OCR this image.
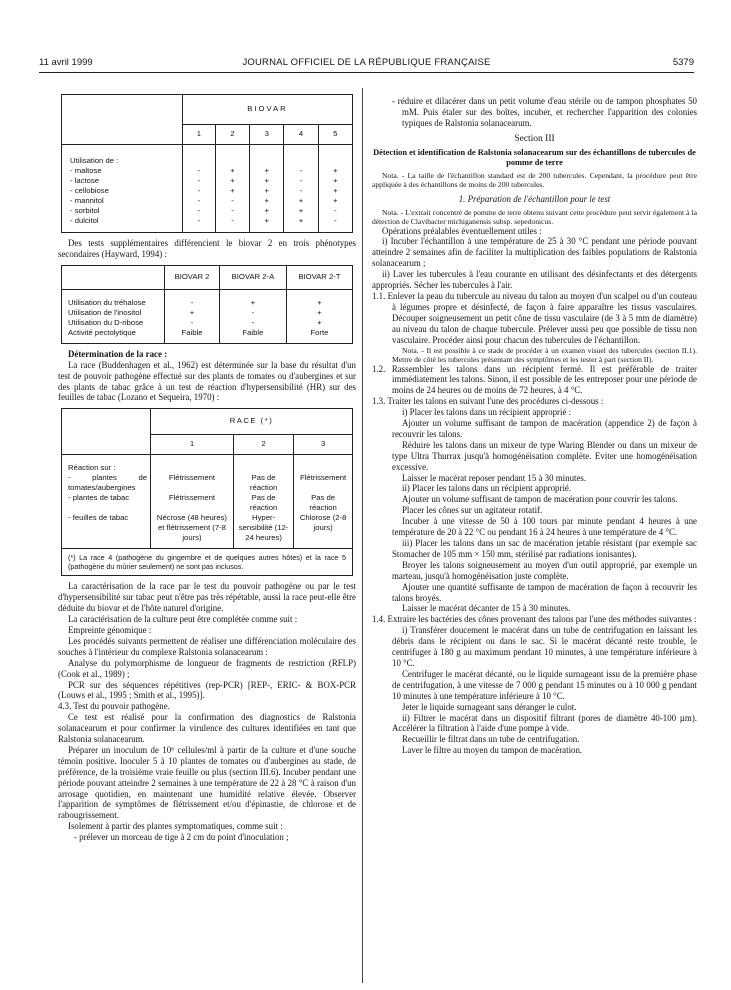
11 avril 1999	JOURNAL OFFICIEL DE LA RÉPUBLIQUE FRANÇAISE	5379
	BIOVAR				
	1	2	3	4	5

Utilisation de :					
- maltose	-	+	+	-	+
- lactose	-	+	+	-	+
- cellobiose	-	+	+	-	+
- mannitol	-	-	+	+	+
- sorbitol	-	-	+	+	-
- dulcitol	-	-	+	+	-

Des tests supplémentaires différencient le biovar 2 en trois phénotypes secondaires (Hayward, 1994) :

	BIOVAR 2	BIOVAR 2-A	BIOVAR 2-T

Utilisation du tréhalose	-	+	+
Utilisation de l'inositol	+	-	+
Utilisation du D-ribose	-	-	+
Activité pectolytique	Faible	Faible	Forte

Détermination de la race :

La race (Buddenhagen et al., 1962) est déterminée sur la base du résultat d'un test de pouvoir pathogène effectué sur des plants de tomates ou d'aubergines et sur des plants de tabac grâce à un test de réaction d'hypersensibilité (HR) sur des feuilles de tabac (Lozano et Sequeira, 1970) :

	RACE (*)		
	1	2	3

Réaction sur :			
- plantes de tomates/aubergines	Flétrissement	Pas de réaction	Flétrissement
- plantes de tabac	Flétrissement	Pas de réaction	Pas de réaction
- feuilles de tabac	Nécrose (48 heures) et flétrissement (7-8 jours)	Hyper-sensibilité (12-24 heures)	Chlorose (2-8 jours)

(*) La race 4 (pathogène du gingembre et de quelques autres hôtes) et la race 5 (pathogène du mûrier seulement) ne sont pas inclusos.			

La caractérisation de la race par le test du pouvoir pathogène ou par le test d'hypersensibilité sur tabac peut n'être pas très répétable, aussi la race peut-elle être déduite du biovar et de l'hôte naturel d'origine.

La caractérisation de la culture peut être complétée comme suit :

Empreinte génomique :

Les procédés suivants permettent de réaliser une différenciation moléculaire des souches à l'intérieur du complexe Ralstonia solanacearum :

Analyse du polymorphisme de longueur de fragments de restriction (RFLP) (Cook et al., 1989) ;

PCR sur des séquences répétitives (rep-PCR) [REP-, ERIC- & BOX-PCR (Louws et al., 1995 ; Smith et al., 1995)].

4.3. Test du pouvoir pathogène.

Ce test est réalisé pour la confirmation des diagnostics de Ralstonia solanacearum et pour confirmer la virulence des cultures identifiées en tant que Ralstonia solanacearum.

Préparer un inoculum de 10⁶ cellules/ml à partir de la culture et d'une souche témoin positive. Inoculer 5 à 10 plantes de tomates ou d'aubergines au stade, de préférence, de la troisième vraie feuille ou plus (section III.6). Incuber pendant une période pouvant atteindre 2 semaines à une température de 22 à 28 °C à raison d'un arrosage quotidien, en maintenant une humidité relative élevée. Observer l'apparition de symptômes de flétrissement et/ou d'épinastie, de chlorose et de rabougrissement.

Isolement à partir des plantes symptomatiques, comme suit :

- prélever un morceau de tige à 2 cm du point d'inoculation ;

- réduire et dilacérer dans un petit volume d'eau stérile ou de tampon phosphates 50 mM. Puis étaler sur des boîtes, incuber, et rechercher l'apparition des colonies typiques de Ralstonia solanacearum.

Section III

Détection et identification de Ralstonia solanacearum sur des échantillons de tubercules de pomme de terre

Nota. - La taille de l'échantillon standard est de 200 tubercules. Cependant, la procédure peut être appliquée à des échantillons de moins de 200 tubercules.

1. Préparation de l'échantillon pour le test

Nota. - L'extrait concentré de pomme de terre obtenu suivant cette procédure peut servir également à la détection de Clavibacter michiganensis subsp. sepedonicus.

Opérations préalables éventuellement utiles :

i) Incuber l'échantillon à une température de 25 à 30 °C pendant une période pouvant atteindre 2 semaines afin de faciliter la multiplication des faibles populations de Ralstonia solanacearum ;

ii) Laver les tubercules à l'eau courante en utilisant des désinfectants et des détergents appropriés. Sécher les tubercules à l'air.

1.1. Enlever la peau du tubercule au niveau du talon au moyen d'un scalpel ou d'un couteau à légumes propre et désinfecté, de façon à faire apparaître les tissus vasculaires. Découper soigneusement un petit cône de tissu vasculaire (de 3 à 5 mm de diamètre) au niveau du talon de chaque tubercule. Prélever aussi peu que possible de tissu non vasculaire. Procéder ainsi pour chacun des tubercules de l'échantillon.

Nota. - Il est possible à ce stade de procéder à un examen visuel des tubercules (section II.1). Mettre de côté les tubercules présentant des symptômes et les tester à part (section II).

1.2. Rassembler les talons dans un récipient fermé. Il est préférable de traiter immédiatement les talons. Sinon, il est possible de les entreposer pour une période de moins de 24 heures ou de moins de 72 heures, à 4 °C.

1.3. Traiter les talons en suivant l'une des procédures ci-dessous :

i) Placer les talons dans un récipient approprié :

Ajouter un volume suffisant de tampon de macération (appendice 2) de façon à recouvrir les talons.

Réduire les talons dans un mixeur de type Waring Blender ou dans un mixeur de type Ultra Thurrax jusqu'à homogénéisation complète. Eviter une homogénéisation excessive.

Laisser le macérat reposer pendant 15 à 30 minutes.

ii) Placer les talons dans un récipient approprié.

Ajouter un volume suffisant de tampon de macération pour couvrir les talons.

Placer les cônes sur un agitateur rotatif.

Incuber à une vitesse de 50 à 100 tours par minute pendant 4 heures à une température de 20 à 22 °C ou pendant 16 à 24 heures à une température de 4 °C.

iii) Placer les talons dans un sac de macération jetable résistant (par exemple sac Stomacher de 105 mm × 150 mm, stérilisé par radiations ionisantes).

Broyer les talons soigneusement au moyen d'un outil approprié, par exemple un marteau, jusqu'à homogénéisation juste complète.

Ajouter une quantité suffisante de tampon de macération de façon à recouvrir les talons broyés.

Laisser le macérat décanter de 15 à 30 minutes.

1.4. Extraire les bactéries des cônes provenant des talons par l'une des méthodes suivantes :

i) Transférer doucement le macérat dans un tube de centrifugation en laissant les débris dans le récipient ou dans le sac. Si le macérat décanté reste trouble, le centrifuger à 180 g au maximum pendant 10 minutes, à une température inférieure à 10 °C.

Centrifuger le macérat décanté, ou le liquide surnageant issu de la première phase de centrifugation, à une vitesse de 7 000 g pendant 15 minutes ou à 10 000 g pendant 10 minutes à une température inférieure à 10 °C.

Jeter le liquide surnageant sans déranger le culot.

ii) Filtrer le macérat dans un dispositif filtrant (pores de diamètre 40-100 µm). Accélérer la filtration à l'aide d'une pompe à vide.

Recueillir le filtrat dans un tube de centrifugation.

Laver le filtre au moyen du tampon de macération.
